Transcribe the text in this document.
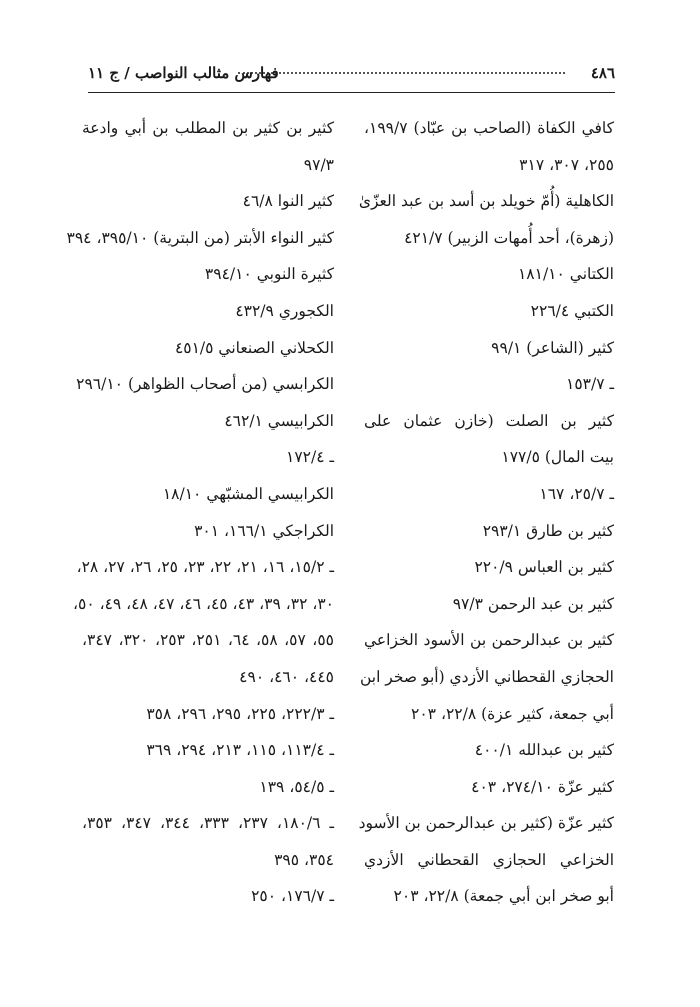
٤٨٦
فهارس مثالب النواصب / ج ١١
كافي الكفاة (الصاحب بن عبّاد) ١٩٩/٧،
٢٥٥، ٣٠٧، ٣١٧
الكاهلية (أُمّ خويلد بن أسد بن عبد العزّىٰ
(زهرة)، أحد أُمهات الزبير) ٤٢١/٧
الكتاني ١٨١/١٠
الكتبي ٢٢٦/٤
كثير (الشاعر) ٩٩/١
ـ ١٥٣/٧
كثير بن الصلت (خازن عثمان على
بيت المال) ١٧٧/٥
ـ ٢٥/٧، ١٦٧
كثير بن طارق ٢٩٣/١
كثير بن العباس ٢٢٠/٩
كثير بن عبد الرحمن ٩٧/٣
كثير بن عبدالرحمن بن الأسود الخزاعي
الحجازي القحطاني الأزدي (أبو صخر ابن
أبي جمعة، كثير عزة) ٢٢/٨، ٢٠٣
كثير بن عبدالله ٤٠٠/١
كثير عزّة ٢٧٤/١٠، ٤٠٣
كثير عزّة (كثير بن عبدالرحمن بن الأسود
الخزاعي الحجازي القحطاني الأزدي
أبو صخر ابن أبي جمعة) ٢٢/٨، ٢٠٣
كثير بن كثير بن المطلب بن أبي وادعة
٩٧/٣
كثير النوا ٤٦/٨
كثير النواء الأبتر (من البترية) ٣٩٥/١٠، ٣٩٤
كثيرة النوبي ٣٩٤/١٠
الكجوري ٤٣٢/٩
الكحلاني الصنعاني ٤٥١/٥
الكرابسي (من أصحاب الظواهر) ٢٩٦/١٠
الكرابيسي ٤٦٢/١
ـ ١٧٢/٤
الكرابيسي المشبّهي ١٨/١٠
الكراجكي ١٦٦/١، ٣٠١
ـ ١٥/٢، ١٦، ٢١، ٢٢، ٢٣، ٢٥، ٢٦، ٢٧، ٢٨،
٣٠، ٣٢، ٣٩، ٤٣، ٤٥، ٤٦، ٤٧، ٤٨، ٤٩، ٥٠،
٥٥، ٥٧، ٥٨، ٦٤، ٢٥١، ٢٥٣، ٣٢٠، ٣٤٧،
٤٤٥، ٤٦٠، ٤٩٠
ـ ٢٢٢/٣، ٢٢٥، ٢٩٥، ٢٩٦، ٣٥٨
ـ ١١٣/٤، ١١٥، ٢١٣، ٢٩٤، ٣٦٩
ـ ٥٤/٥، ١٣٩
ـ ١٨٠/٦، ٢٣٧، ٣٣٣، ٣٤٤، ٣٤٧، ٣٥٣،
٣٥٤، ٣٩٥
ـ ١٧٦/٧، ٢٥٠
